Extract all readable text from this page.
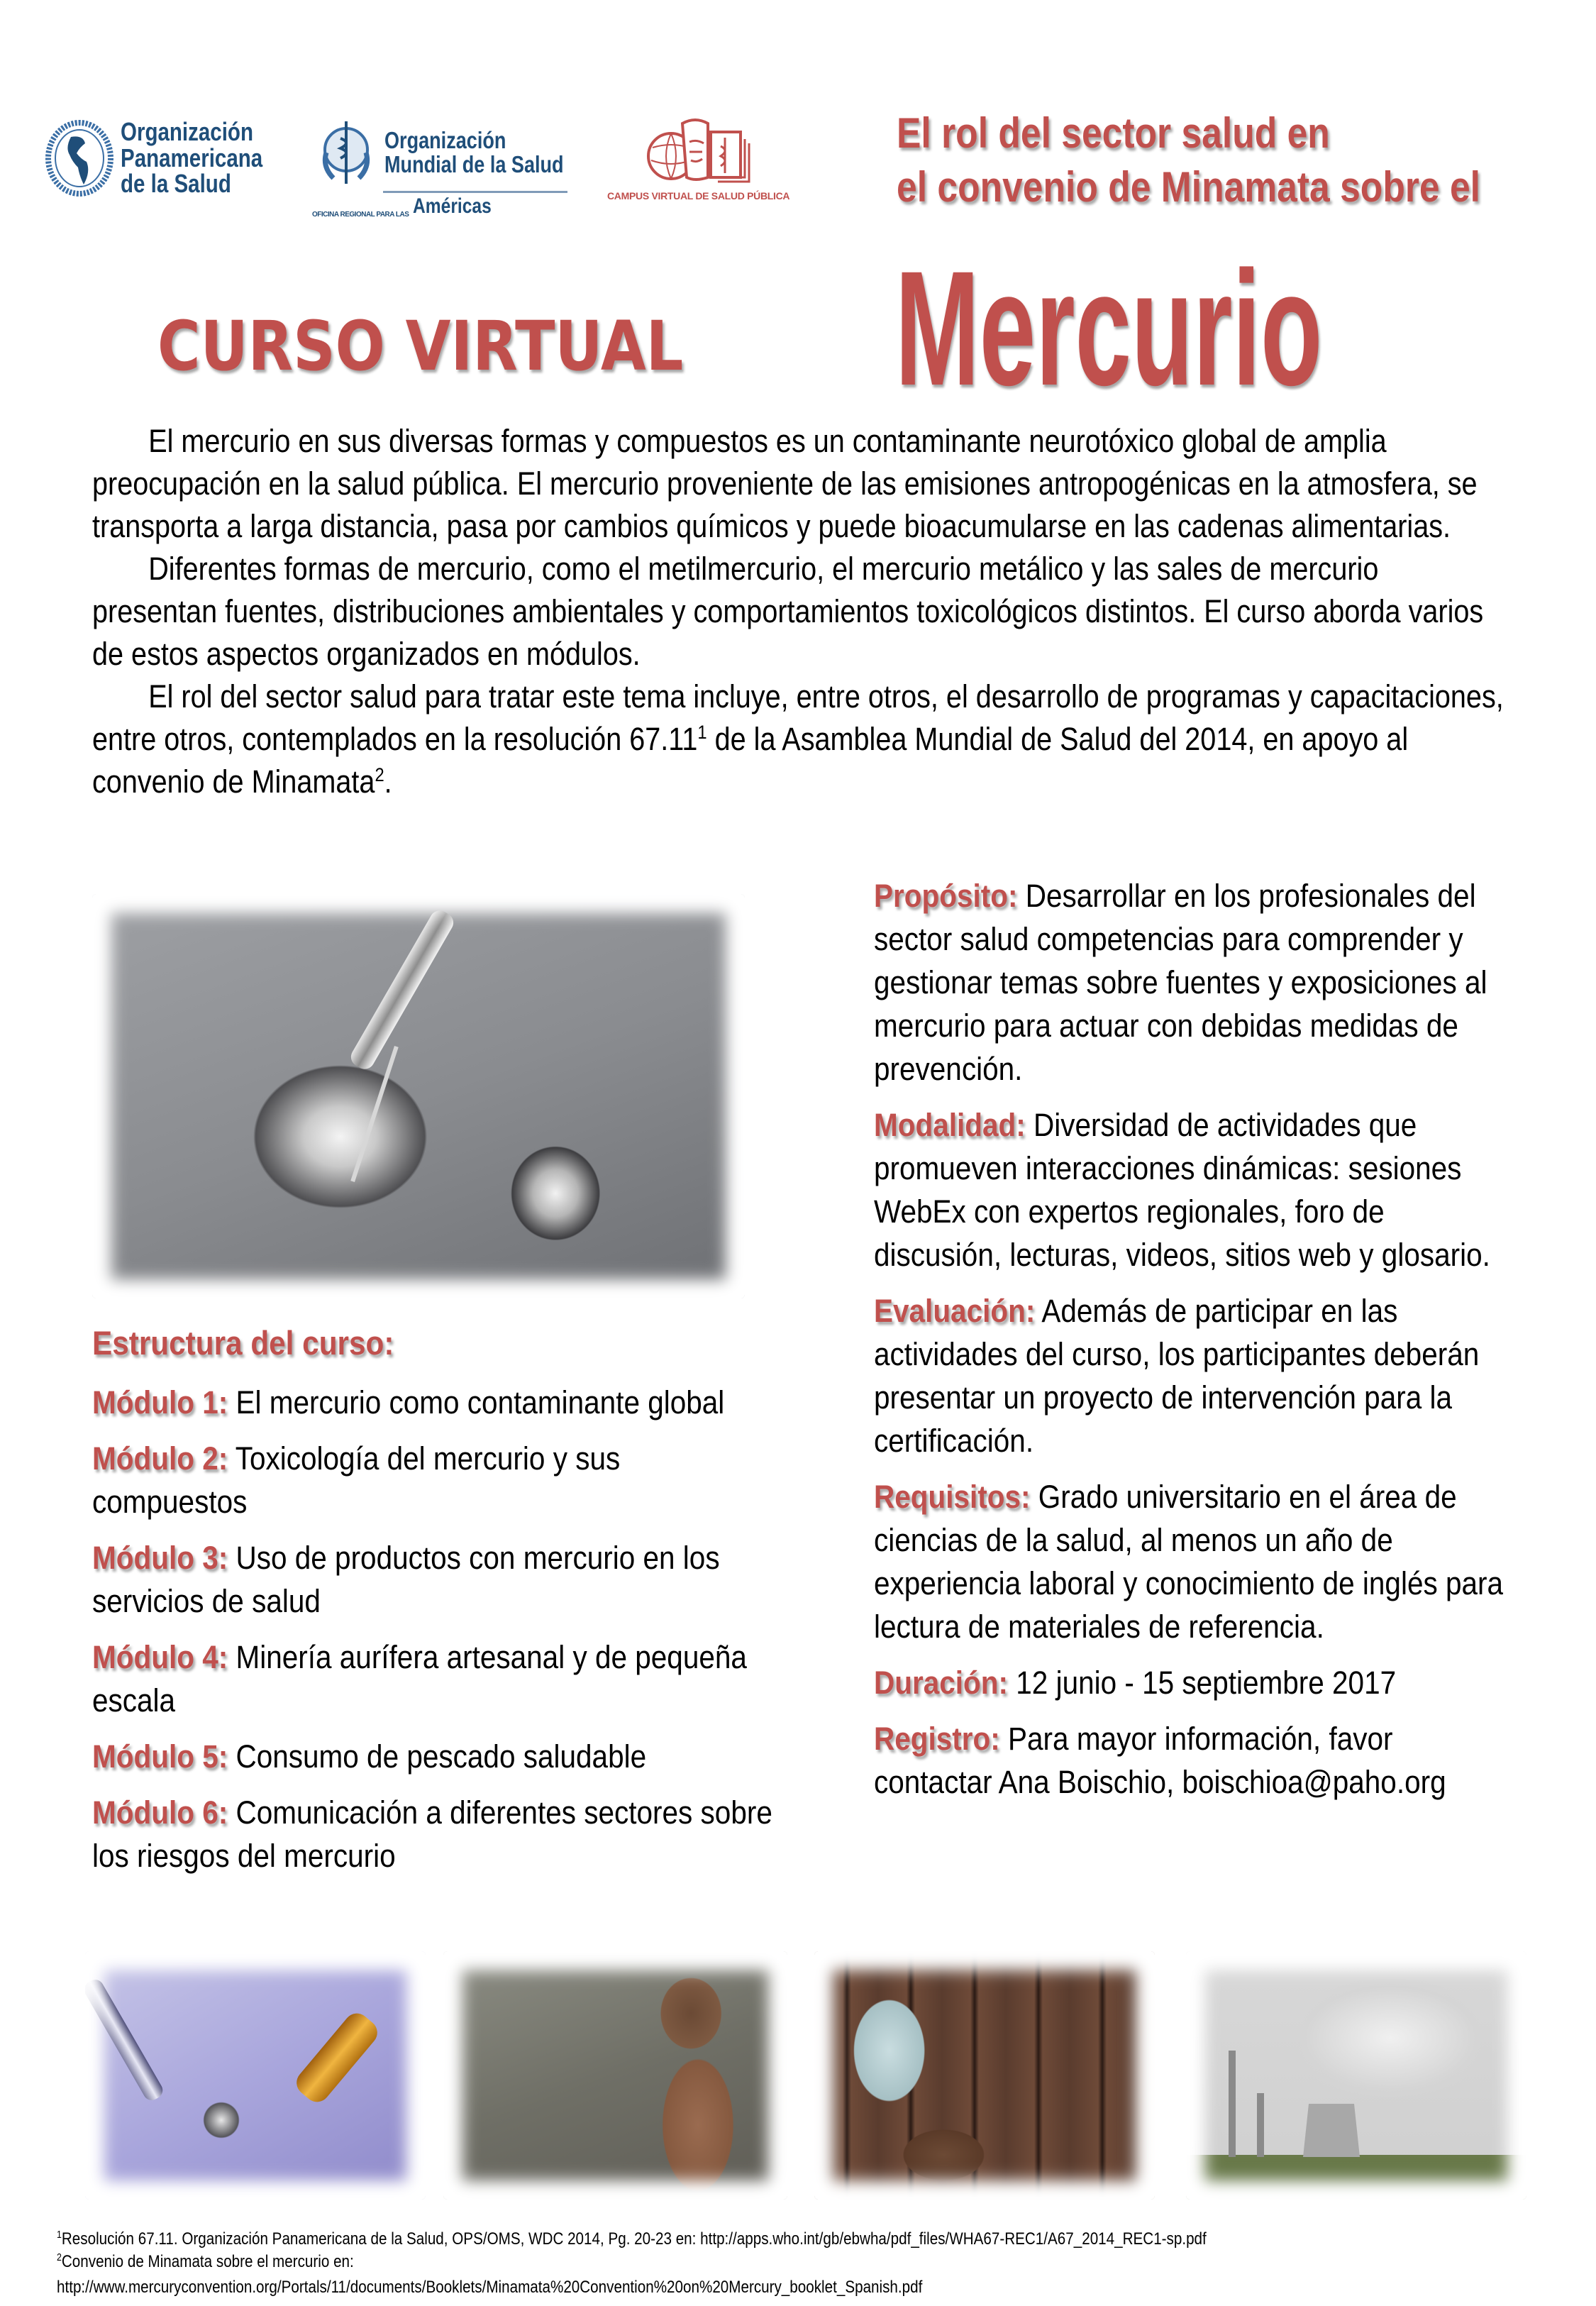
Organización
Panamericana
de la Salud
Organización
Mundial de la Salud
OFICINA REGIONAL PARA LAS Américas	CAMPUS VIRTUAL DE SALUD PÚBLICA
El rol del sector salud en
el convenio de Minamata sobre el
CURSO VIRTUAL Mercurio

El mercurio en sus diversas formas y compuestos es un contaminante neurotóxico global de amplia preocupación en la salud pública. El mercurio proveniente de las emisiones antropogénicas en la atmosfera, se transporta a larga distancia, pasa por cambios químicos y puede bioacumularse en las cadenas alimentarias.

Diferentes formas de mercurio, como el metilmercurio, el mercurio metálico y las sales de mercurio presentan fuentes, distribuciones ambientales y comportamientos toxicológicos distintos. El curso aborda varios de estos aspectos organizados en módulos.

El rol del sector salud para tratar este tema incluye, entre otros, el desarrollo de programas y capacitaciones, entre otros, contemplados en la resolución 67.11$^1$ de la Asamblea Mundial de Salud del 2014, en apoyo al convenio de Minamata$^2$.

Estructura del curso:
Módulo 1: El mercurio como contaminante global
Módulo 2: Toxicología del mercurio y sus compuestos
Módulo 3: Uso de productos con mercurio en los servicios de salud
Módulo 4: Minería aurífera artesanal y de pequeña escala
Módulo 5: Consumo de pescado saludable
Módulo 6: Comunicación a diferentes sectores sobre los riesgos del mercurio
Propósito: Desarrollar en los profesionales del sector salud competencias para comprender y gestionar temas sobre fuentes y exposiciones al mercurio para actuar con debidas medidas de prevención.
Modalidad: Diversidad de actividades que promueven interacciones dinámicas: sesiones WebEx con expertos regionales, foro de discusión, lecturas, videos, sitios web y glosario.
Evaluación: Además de participar en las actividades del curso, los participantes deberán presentar un proyecto de intervención para la certificación.
Requisitos: Grado universitario en el área de ciencias de la salud, al menos un año de experiencia laboral y conocimiento de inglés para lectura de materiales de referencia.
Duración: 12 junio - 15 septiembre 2017
Registro: Para mayor información, favor contactar Ana Boischio, boischioa@paho.org
$^1$Resolución 67.11. Organización Panamericana de la Salud, OPS/OMS, WDC 2014, Pg. 20-23 en: http://apps.who.int/gb/ebwha/pdf_files/WHA67-REC1/A67_2014_REC1-sp.pdf
$^2$Convenio de Minamata sobre el mercurio en:
http://www.mercuryconvention.org/Portals/11/documents/Booklets/Minamata%20Convention%20on%20Mercury_booklet_Spanish.pdf
